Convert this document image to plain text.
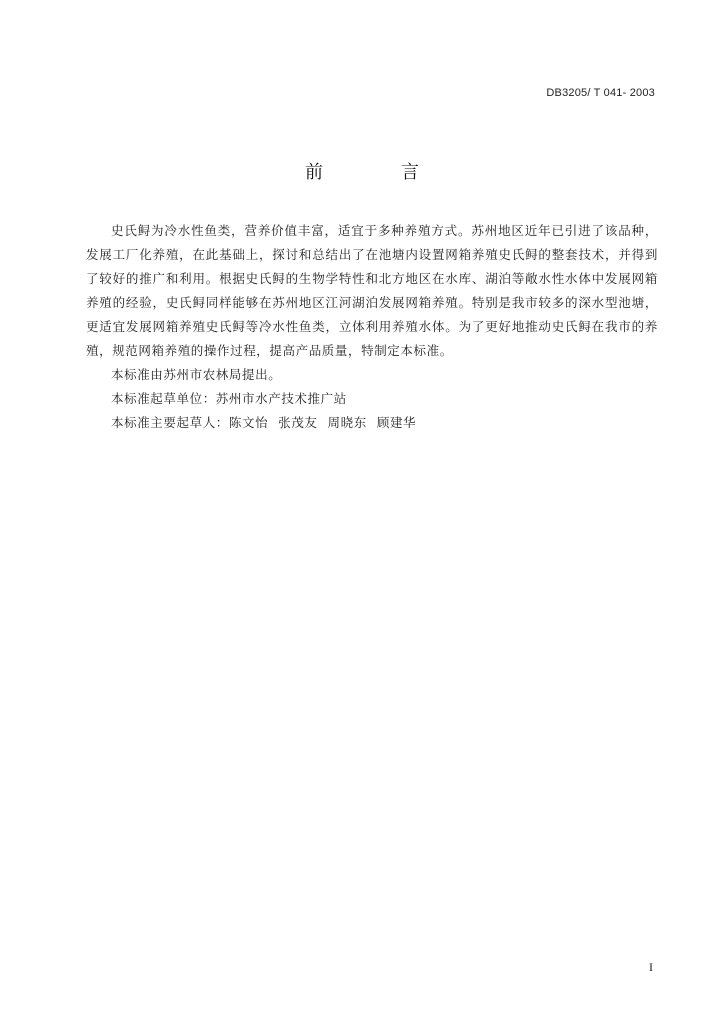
DB3205/ T 041- 2003
前　言

史氏鲟为冷水性鱼类，营养价值丰富，适宜于多种养殖方式。苏州地区近年已引进了该品种，发展工厂化养殖，在此基础上，探讨和总结出了在池塘内设置网箱养殖史氏鲟的整套技术，并得到了较好的推广和利用。根据史氏鲟的生物学特性和北方地区在水库、湖泊等敞水性水体中发展网箱养殖的经验，史氏鲟同样能够在苏州地区江河湖泊发展网箱养殖。特别是我市较多的深水型池塘，更适宜发展网箱养殖史氏鲟等冷水性鱼类，立体利用养殖水体。为了更好地推动史氏鲟在我市的养殖，规范网箱养殖的操作过程，提高产品质量，特制定本标准。

本标准由苏州市农林局提出。

本标准起草单位：苏州市水产技术推广站

本标准主要起草人：陈文怡 张茂友 周晓东 顾建华

I
